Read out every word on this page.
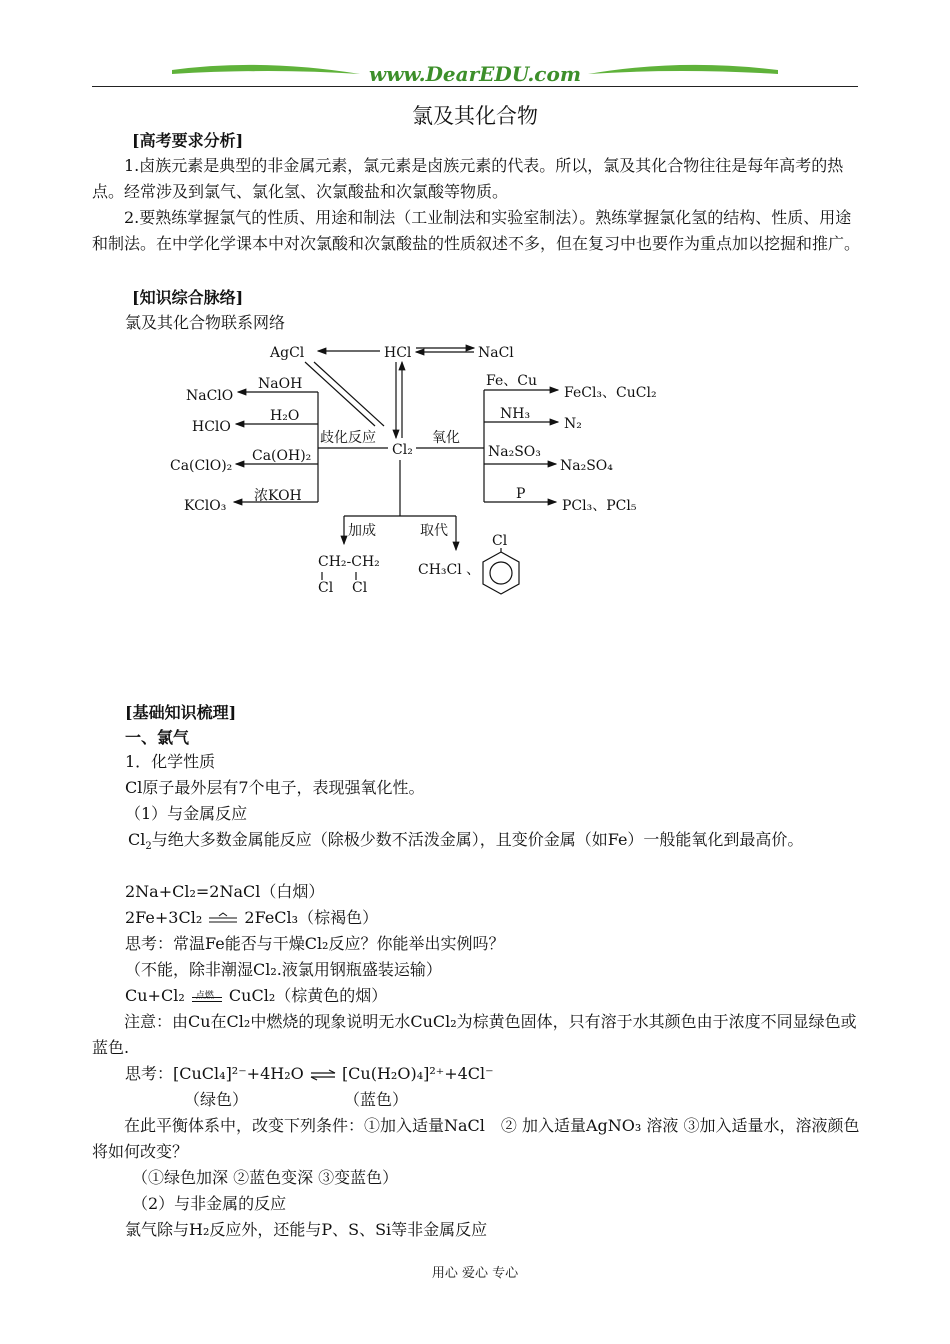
www.DearEDU.com
氯及其化合物
[高考要求分析]
1.卤族元素是典型的非金属元素，氯元素是卤族元素的代表。所以，氯及其化合物往往是每年高考的热点。经常涉及到氯气、氯化氢、次氯酸盐和次氯酸等物质。
2.要熟练掌握氯气的性质、用途和制法（工业制法和实验室制法）。熟练掌握氯化氢的结构、性质、用途和制法。在中学化学课本中对次氯酸和次氯酸盐的性质叙述不多，但在复习中也要作为重点加以挖掘和推广。
[知识综合脉络]
氯及其化合物联系网络
AgCl	HCl	NaCl
NaClO
HClO
Ca(ClO)₂
KClO₃
NaOH
H₂O
Ca(OH)₂
浓KOH
歧化反应
Cl₂
氧化
Fe、Cu
NH₃
Na₂SO₃
P
FeCl₃、CuCl₂
N₂
Na₂SO₄
PCl₃、PCl₅
加成	取代
CH₂-CH₂
Cl Cl
CH₃Cl 、
Cl
[基础知识梳理]
一、氯气
1．化学性质
Cl原子最外层有7个电子，表现强氧化性。
（1）与金属反应
$Cl_2$与绝大多数金属能反应（除极少数不活泼金属），且变价金属（如Fe）一般能氧化到最高价。
2Na+Cl₂=2NaCl（白烟）
2Fe+3Cl₂	2FeCl₃（棕褐色）
思考：常温Fe能否与干燥Cl₂反应？你能举出实例吗？
（不能，除非潮湿Cl₂.液氯用钢瓶盛装运输）
Cu+Cl₂ 点燃 CuCl₂（棕黄色的烟）
注意：由Cu在Cl₂中燃烧的现象说明无水CuCl₂为棕黄色固体，只有溶于水其颜色由于浓度不同显绿色或蓝色.
思考：[CuCl₄]²⁻+4H₂O [Cu(H₂O)₄]²⁺+4Cl⁻
（绿色）	（蓝色）
在此平衡体系中，改变下列条件：①加入适量NaCl　② 加入适量AgNO₃ 溶液 ③加入适量水，溶液颜色将如何改变？
（①绿色加深 ②蓝色变深 ③变蓝色）
（2）与非金属的反应
氯气除与H₂反应外，还能与P、S、Si等非金属反应
用心 爱心 专心
